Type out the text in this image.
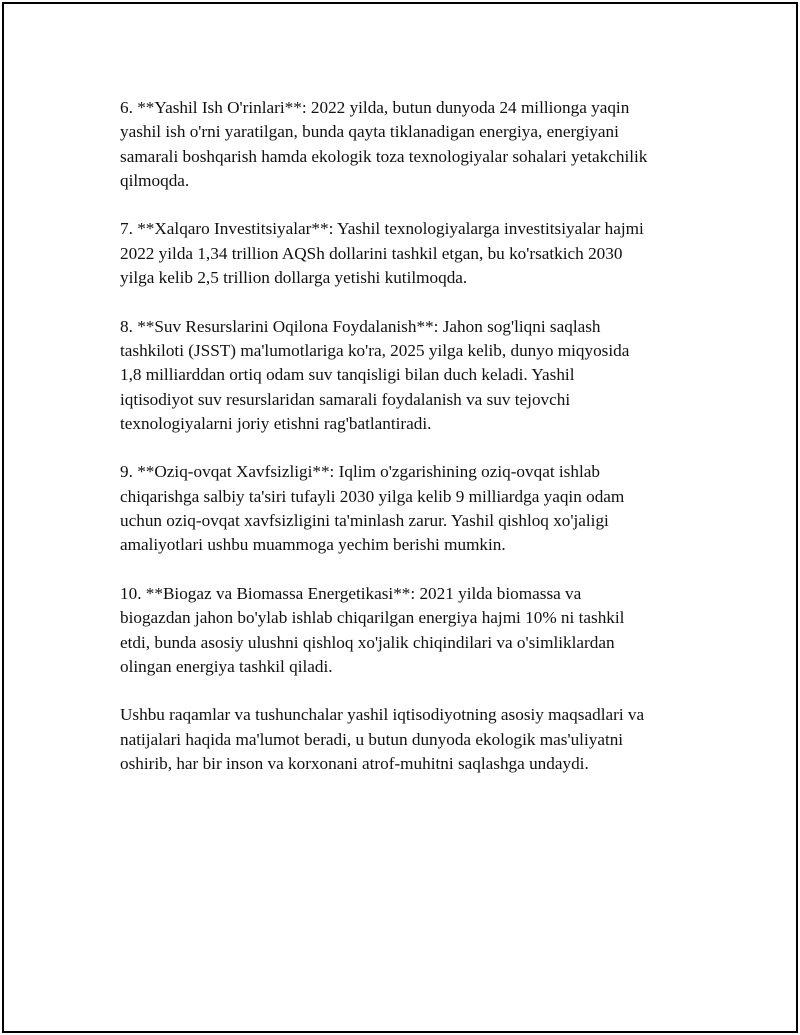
6. **Yashil Ish O'rinlari**: 2022 yilda, butun dunyoda 24 millionga yaqin
yashil ish o'rni yaratilgan, bunda qayta tiklanadigan energiya, energiyani
samarali boshqarish hamda ekologik toza texnologiyalar sohalari yetakchilik
qilmoqda.

7. **Xalqaro Investitsiyalar**: Yashil texnologiyalarga investitsiyalar hajmi
2022 yilda 1,34 trillion AQSh dollarini tashkil etgan, bu ko'rsatkich 2030
yilga kelib 2,5 trillion dollarga yetishi kutilmoqda.

8. **Suv Resurslarini Oqilona Foydalanish**: Jahon sog'liqni saqlash
tashkiloti (JSST) ma'lumotlariga ko'ra, 2025 yilga kelib, dunyo miqyosida
1,8 milliarddan ortiq odam suv tanqisligi bilan duch keladi. Yashil
iqtisodiyot suv resurslaridan samarali foydalanish va suv tejovchi
texnologiyalarni joriy etishni rag'batlantiradi.

9. **Oziq-ovqat Xavfsizligi**: Iqlim o'zgarishining oziq-ovqat ishlab
chiqarishga salbiy ta'siri tufayli 2030 yilga kelib 9 milliardga yaqin odam
uchun oziq-ovqat xavfsizligini ta'minlash zarur. Yashil qishloq xo'jaligi
amaliyotlari ushbu muammoga yechim berishi mumkin.

10. **Biogaz va Biomassa Energetikasi**: 2021 yilda biomassa va
biogazdan jahon bo'ylab ishlab chiqarilgan energiya hajmi 10% ni tashkil
etdi, bunda asosiy ulushni qishloq xo'jalik chiqindilari va o'simliklardan
olingan energiya tashkil qiladi.

Ushbu raqamlar va tushunchalar yashil iqtisodiyotning asosiy maqsadlari va
natijalari haqida ma'lumot beradi, u butun dunyoda ekologik mas'uliyatni
oshirib, har bir inson va korxonani atrof-muhitni saqlashga undaydi.
